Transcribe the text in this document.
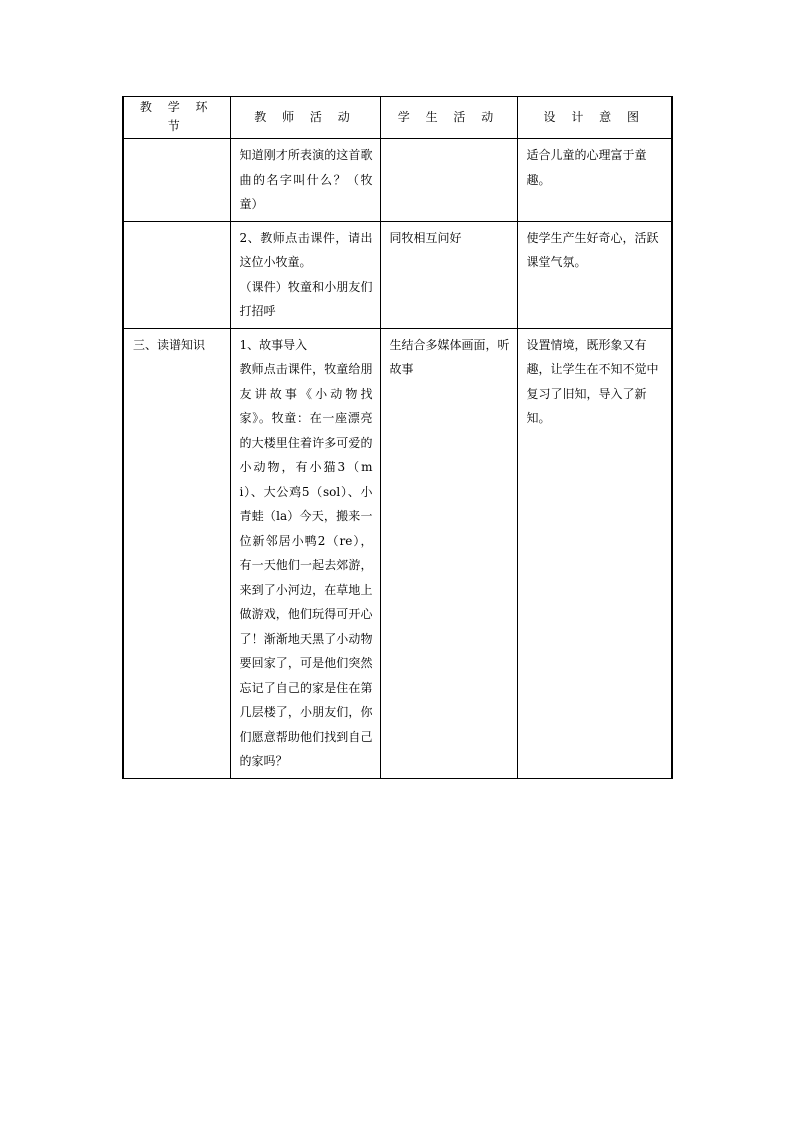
教 学 环 节	教 师 活 动	学 生 活 动	设 计 意 图

	知道刚才所表演的这首歌曲的名字叫什么？（牧童）		适合儿童的心理富于童趣。

	2、教师点击课件，请出这位小牧童。
（课件）牧童和小朋友们打招呼	同牧相互问好	使学生产生好奇心，活跃课堂气氛。
三、读谱知识	1、故事导入
教师点击课件，牧童给朋友讲故事《小动物找家》。牧童：在一座漂亮的大楼里住着许多可爱的小动物，有小猫3（mi）、大公鸡5（sol）、小青蛙（la）今天，搬来一位新邻居小鸭2（re），有一天他们一起去郊游，来到了小河边，在草地上做游戏，他们玩得可开心了！渐渐地天黑了小动物要回家了，可是他们突然忘记了自己的家是住在第几层楼了，小朋友们，你们愿意帮助他们找到自己的家吗？	生结合多媒体画面，听故事	设置情境，既形象又有趣，让学生在不知不觉中复习了旧知，导入了新知。
